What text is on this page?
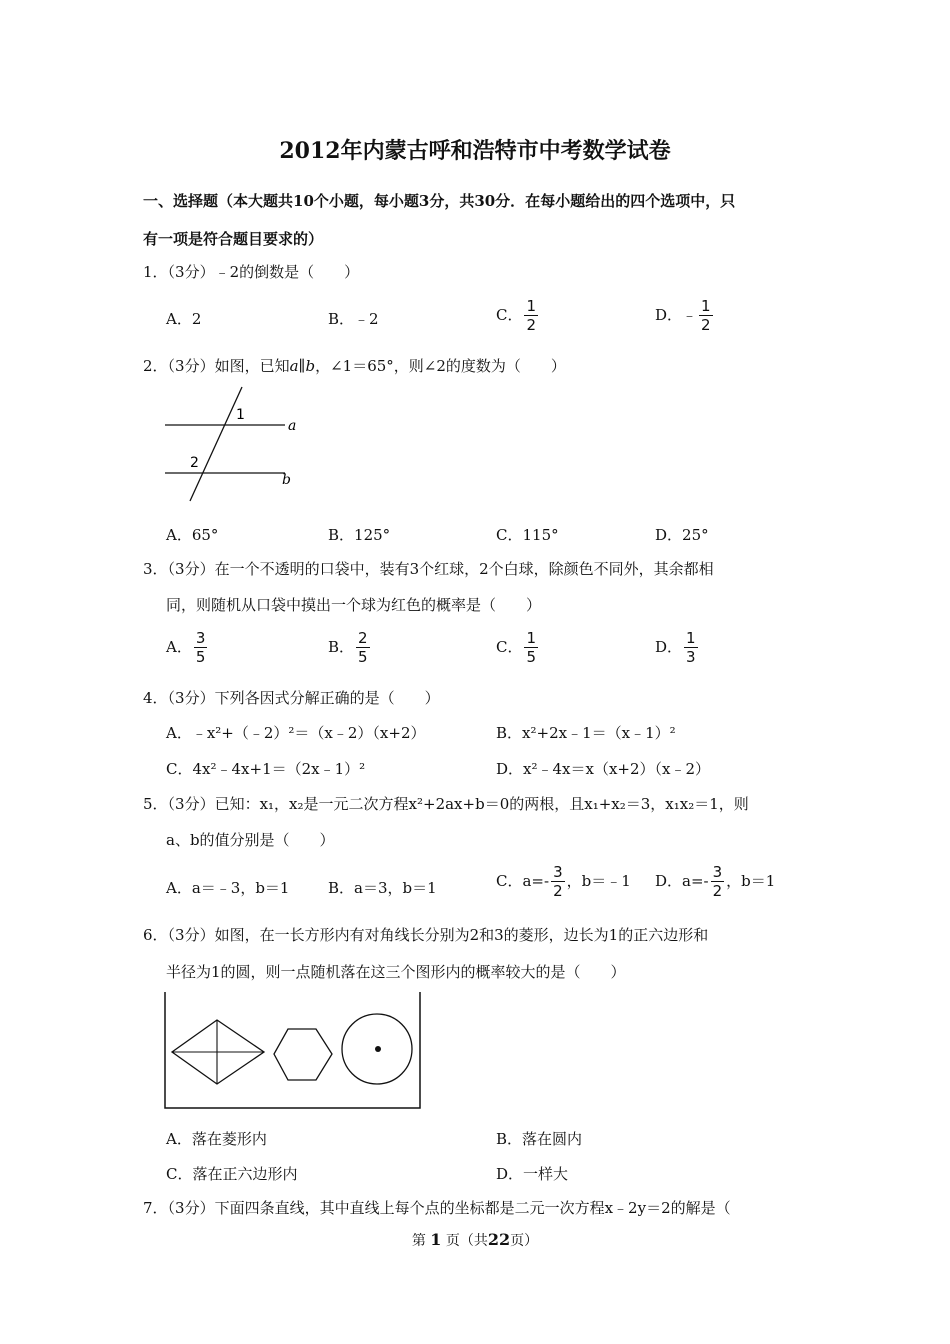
2012年内蒙古呼和浩特市中考数学试卷
一、选择题（本大题共10个小题，每小题3分，共30分．在每小题给出的四个选项中，只
有一项是符合题目要求的）
1．（3分）﹣2的倒数是（　　）
A．2	B．﹣2	C． $\frac{1}{2}$	D．﹣ $\frac{1}{2}$
2．（3分）如图，已知a∥b，∠1＝65°，则∠2的度数为（　　）
1
2
a
b
A．65°	B．125°	C．115°	D．25°
3．（3分）在一个不透明的口袋中，装有3个红球，2个白球，除颜色不同外，其余都相
同，则随机从口袋中摸出一个球为红色的概率是（　　）
A． $\frac{3}{5}$	B． $\frac{2}{5}$	C． $\frac{1}{5}$	D． $\frac{1}{3}$
4．（3分）下列各因式分解正确的是（　　）
A．﹣x²+（﹣2）²＝（x﹣2）（x+2）	B．x²+2x﹣1＝（x﹣1）²
C．4x²﹣4x+1＝（2x﹣1）²	D．x²﹣4x＝x（x+2）（x﹣2）
5．（3分）已知：x₁，x₂是一元二次方程x²+2ax+b＝0的两根，且x₁+x₂＝3，x₁x₂＝1，则
a、b的值分别是（　　）
A．a＝﹣3，b＝1	B．a＝3，b＝1	C．$a=- \frac{3}{2}$ ，b＝﹣1 D．$a=- \frac{3}{2}$ ，b＝1
6．（3分）如图，在一长方形内有对角线长分别为2和3的菱形，边长为1的正六边形和
半径为1的圆，则一点随机落在这三个图形内的概率较大的是（　　）
A．落在菱形内	B．落在圆内
C．落在正六边形内	D．一样大
7．（3分）下面四条直线，其中直线上每个点的坐标都是二元一次方程x﹣2y＝2的解是（
第 1 页（共22页）
